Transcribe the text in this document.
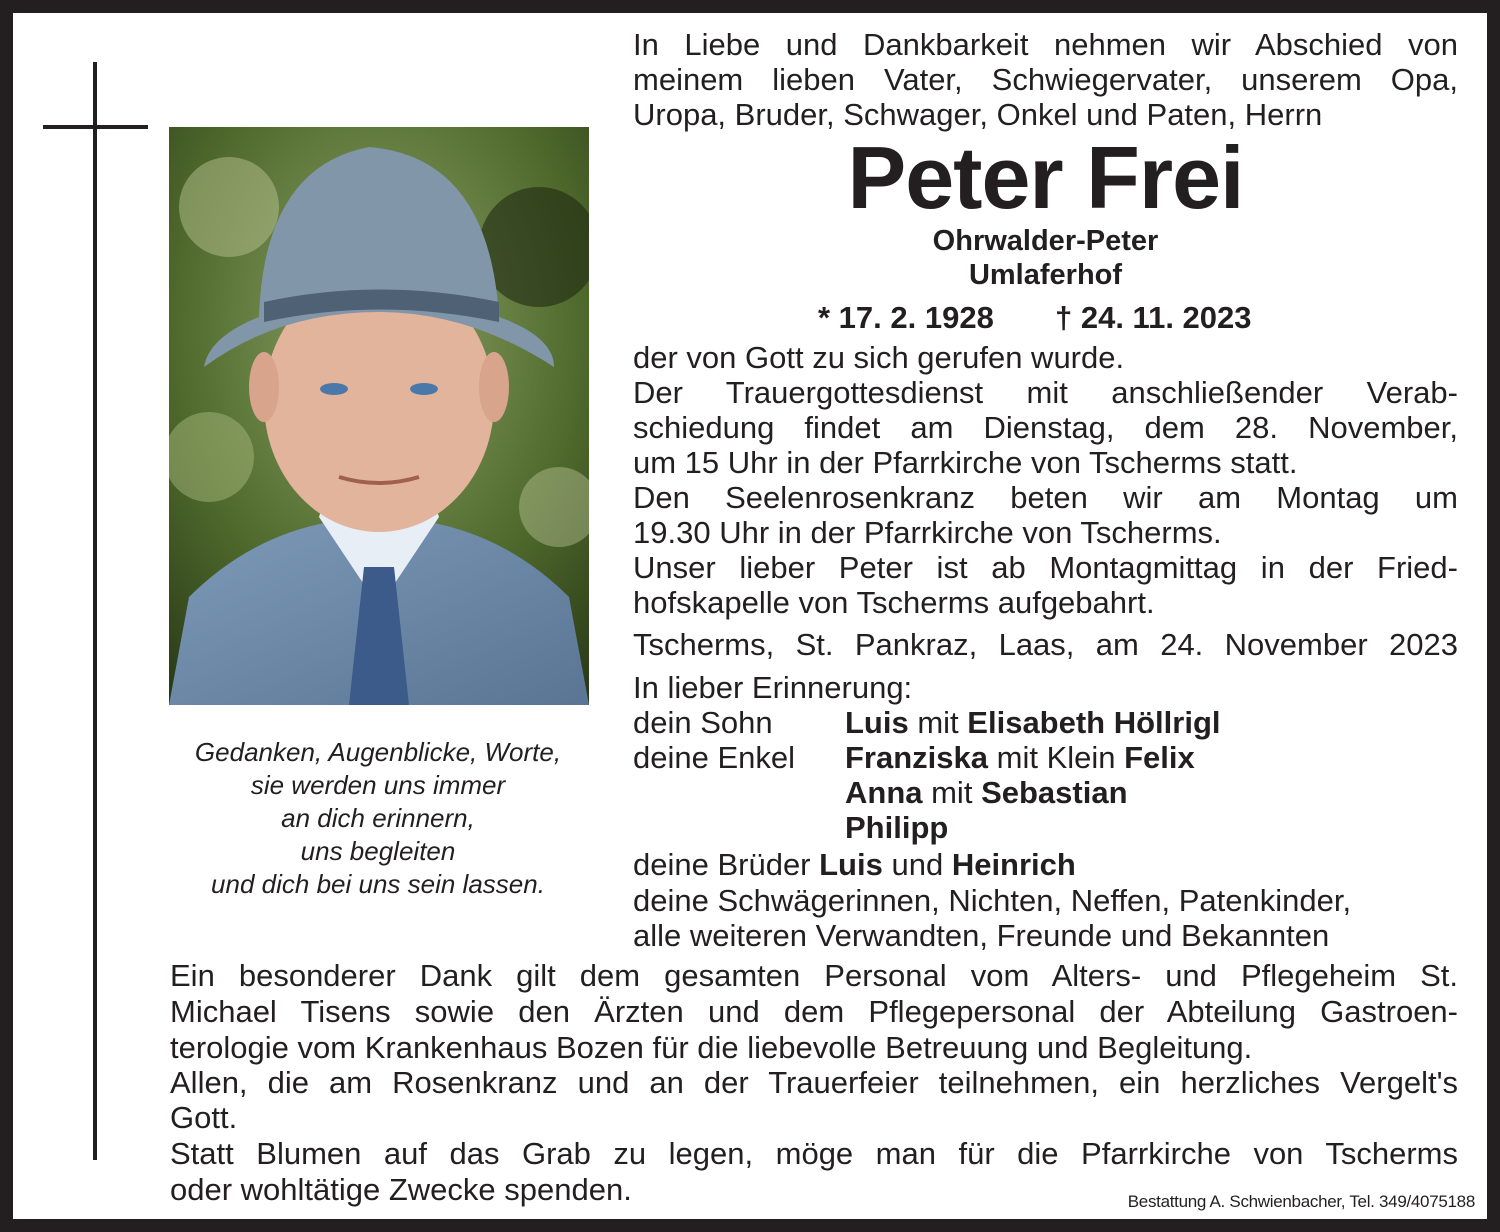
Gedanken, Augenblicke, Worte,
sie werden uns immer
an dich erinnern,
uns begleiten
und dich bei uns sein lassen.
In Liebe und Dankbarkeit nehmen wir Abschied von
meinem lieben Vater, Schwiegervater, unserem Opa,
Uropa, Bruder, Schwager, Onkel und Paten, Herrn
Peter Frei
Ohrwalder-Peter
Umlaferhof
* 17. 2. 1928 † 24. 11. 2023
der von Gott zu sich gerufen wurde.
Der Trauergottesdienst mit anschließender Verab-
schiedung findet am Dienstag, dem 28. November,
um 15 Uhr in der Pfarrkirche von Tscherms statt.
Den Seelenrosenkranz beten wir am Montag um
19.30 Uhr in der Pfarrkirche von Tscherms.
Unser lieber Peter ist ab Montagmittag in der Fried-
hofskapelle von Tscherms aufgebahrt.
Tscherms, St. Pankraz, Laas, am 24. November 2023
In lieber Erinnerung:
dein Sohn Luis mit Elisabeth Höllrigl
deine Enkel Franziska mit Klein Felix
Anna mit Sebastian
Philipp
deine Brüder Luis und Heinrich
deine Schwägerinnen, Nichten, Neffen, Patenkinder,
alle weiteren Verwandten, Freunde und Bekannten
Ein besonderer Dank gilt dem gesamten Personal vom Alters- und Pflegeheim St.
Michael Tisens sowie den Ärzten und dem Pflegepersonal der Abteilung Gastroen-
terologie vom Krankenhaus Bozen für die liebevolle Betreuung und Begleitung.
Allen, die am Rosenkranz und an der Trauerfeier teilnehmen, ein herzliches Vergelt's
Gott.
Statt Blumen auf das Grab zu legen, möge man für die Pfarrkirche von Tscherms
oder wohltätige Zwecke spenden.	Bestattung A. Schwienbacher, Tel. 349/4075188
